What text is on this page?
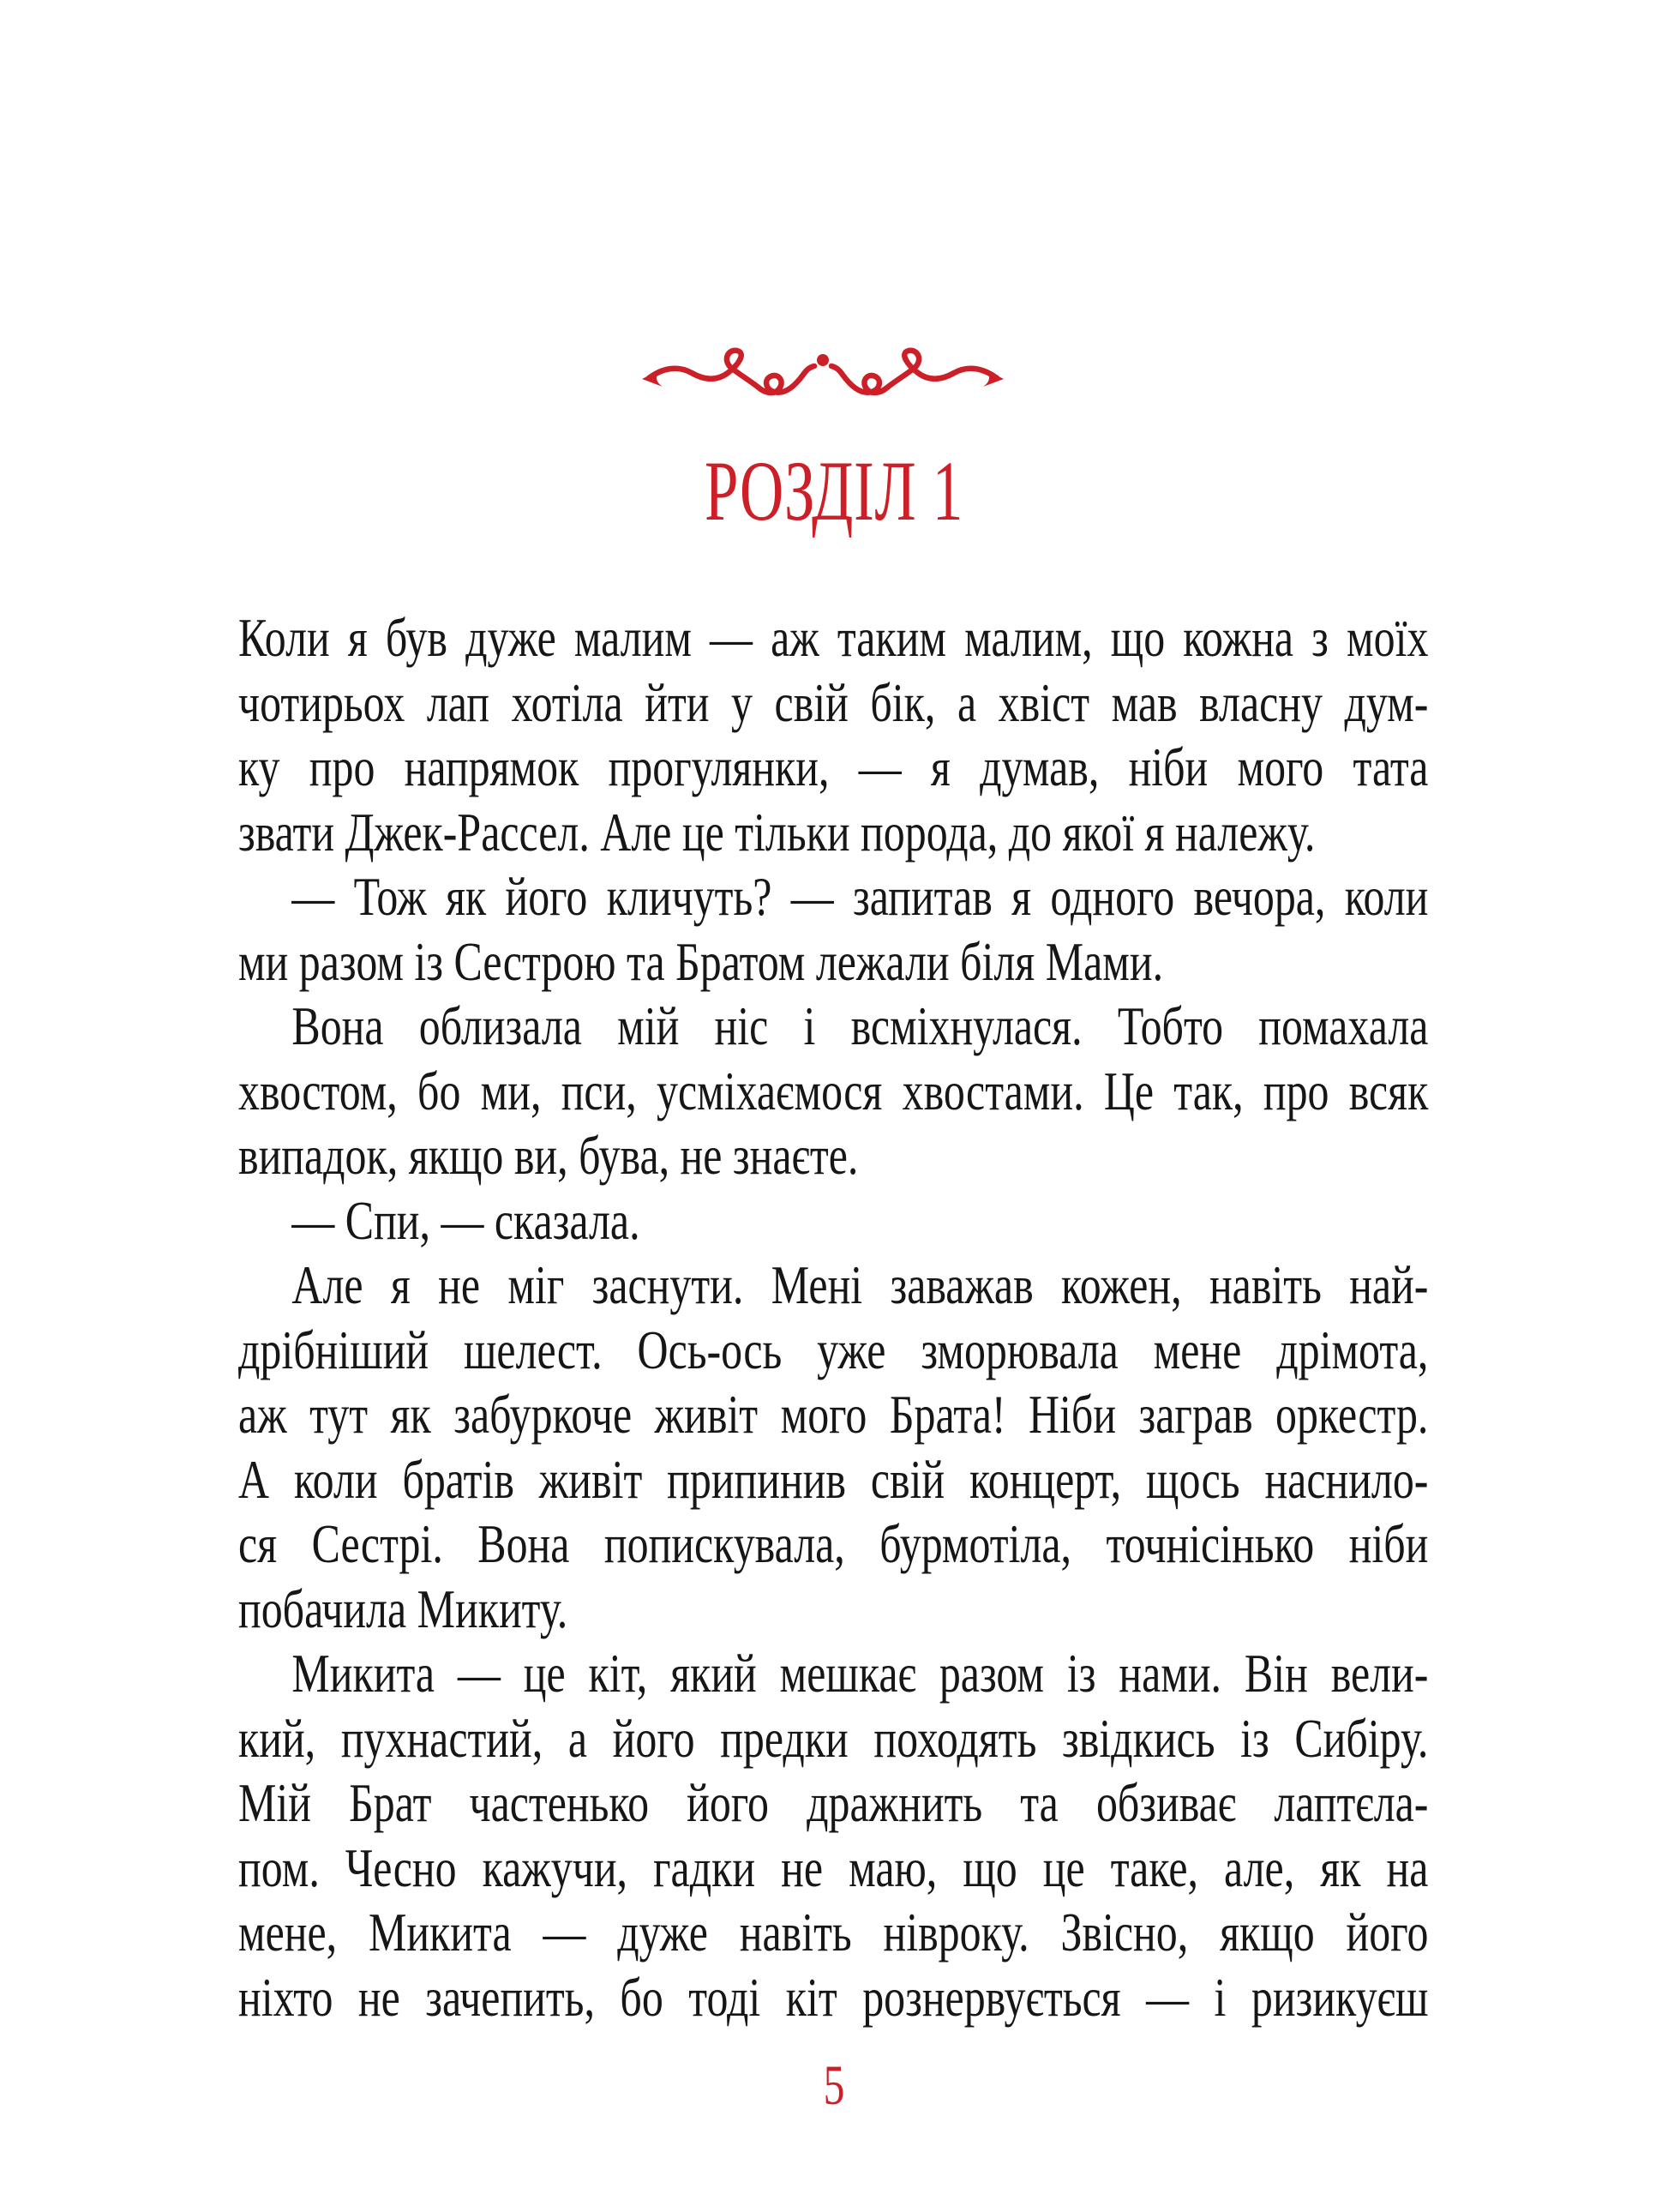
РОЗДІЛ 1
Коли я був дуже малим — аж таким малим, що кожна з моїх
чотирьох лап хотіла йти у свій бік, а хвіст мав власну дум-
ку про напрямок прогулянки, — я думав, ніби мого тата
звати Джек-Рассел. Але це тільки порода, до якої я належу.
— Тож як його кличуть? — запитав я одного вечора, коли
ми разом із Сестрою та Братом лежали біля Мами.
Вона облизала мій ніс і всміхнулася. Тобто помахала
хвостом, бо ми, пси, усміхаємося хвостами. Це так, про всяк
випадок, якщо ви, бува, не знаєте.
— Спи, — сказала.
Але я не міг заснути. Мені заважав кожен, навіть най-
дрібніший шелест. Ось-ось уже зморювала мене дрімота,
аж тут як забуркоче живіт мого Брата! Ніби заграв оркестр.
А коли братів живіт припинив свій концерт, щось наснило-
ся Сестрі. Вона попискувала, бурмотіла, точнісінько ніби
побачила Микиту.
Микита — це кіт, який мешкає разом із нами. Він вели-
кий, пухнастий, а його предки походять звідкись із Сибіру.
Мій Брат частенько його дражнить та обзиває лаптєла-
пом. Чесно кажучи, гадки не маю, що це таке, але, як на
мене, Микита — дуже навіть нівроку. Звісно, якщо його
ніхто не зачепить, бо тоді кіт рознервується — і ризикуєш
5
